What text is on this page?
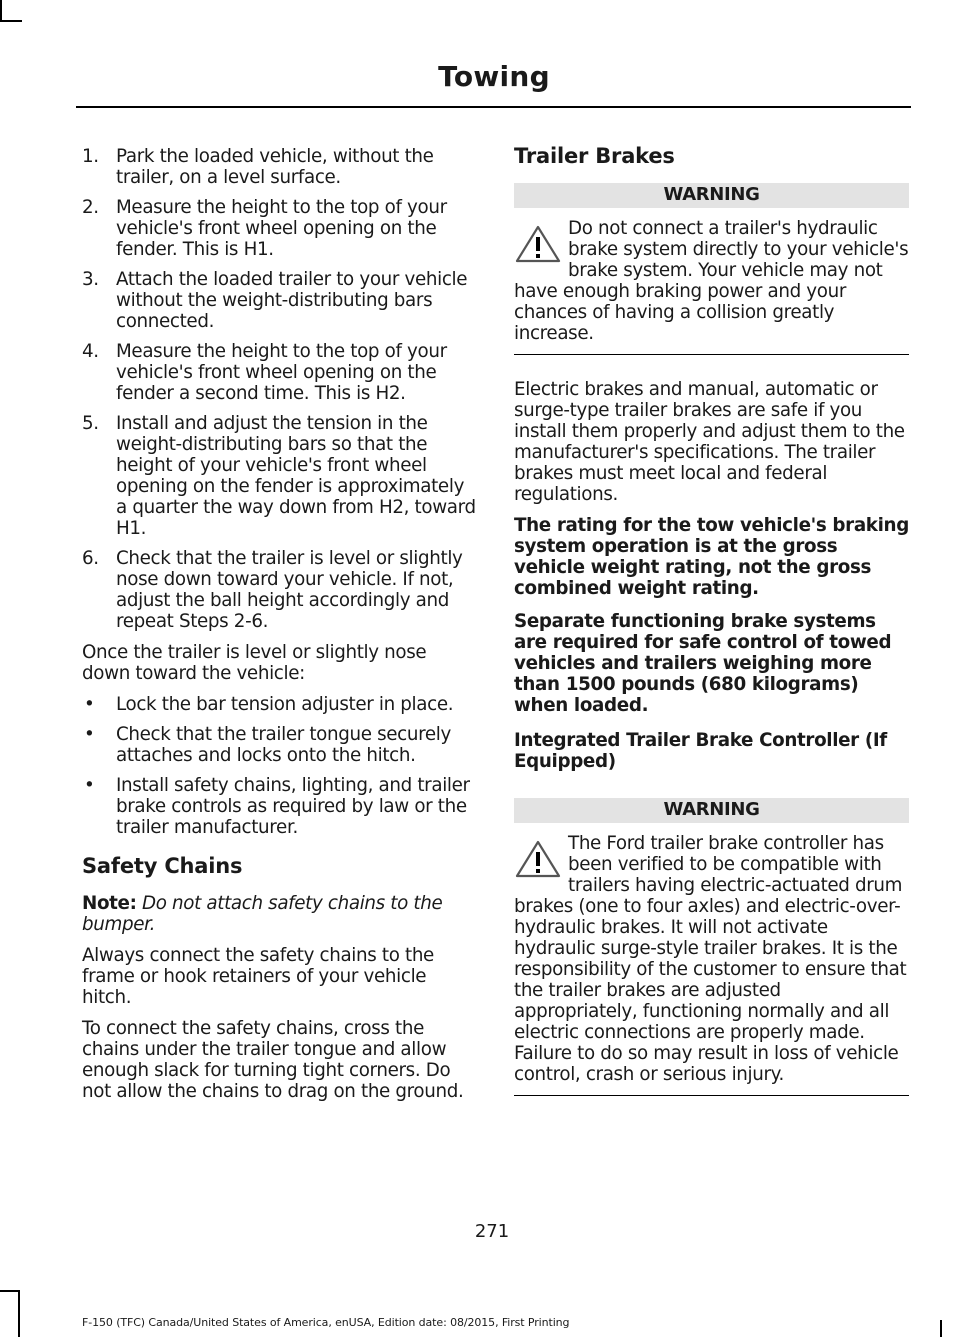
Towing
1. Park the loaded vehicle, without the trailer, on a level surface.
2. Measure the height to the top of your vehicle's front wheel opening on the fender. This is H1.
3. Attach the loaded trailer to your vehicle without the weight-distributing bars connected.
4. Measure the height to the top of your vehicle's front wheel opening on the fender a second time. This is H2.
5. Install and adjust the tension in the weight-distributing bars so that the height of your vehicle's front wheel opening on the fender is approximately a quarter the way down from H2, toward H1.
6. Check that the trailer is level or slightly nose down toward your vehicle. If not, adjust the ball height accordingly and repeat Steps 2-6.

Once the trailer is level or slightly nose down toward the vehicle:

• Lock the bar tension adjuster in place.
• Check that the trailer tongue securely attaches and locks onto the hitch.
• Install safety chains, lighting, and trailer brake controls as required by law or the trailer manufacturer.
Safety Chains

Note: Do not attach safety chains to the bumper.

Always connect the safety chains to the frame or hook retainers of your vehicle hitch.

To connect the safety chains, cross the chains under the trailer tongue and allow enough slack for turning tight corners. Do not allow the chains to drag on the ground.

Trailer Brakes
WARNING
Do not connect a trailer's hydraulic brake system directly to your vehicle's brake system. Your vehicle may not have enough braking power and your chances of having a collision greatly increase.

Electric brakes and manual, automatic or surge-type trailer brakes are safe if you install them properly and adjust them to the manufacturer's specifications. The trailer brakes must meet local and federal regulations.

The rating for the tow vehicle's braking system operation is at the gross vehicle weight rating, not the gross combined weight rating.

Separate functioning brake systems are required for safe control of towed vehicles and trailers weighing more than 1500 pounds (680 kilograms) when loaded.

Integrated Trailer Brake Controller (If Equipped)
WARNING
The Ford trailer brake controller has been verified to be compatible with trailers having electric-actuated drum brakes (one to four axles) and electric-over-hydraulic brakes. It will not activate hydraulic surge-style trailer brakes. It is the responsibility of the customer to ensure that the trailer brakes are adjusted appropriately, functioning normally and all electric connections are properly made. Failure to do so may result in loss of vehicle control, crash or serious injury.
271
F-150 (TFC) Canada/United States of America, enUSA, Edition date: 08/2015, First Printing
